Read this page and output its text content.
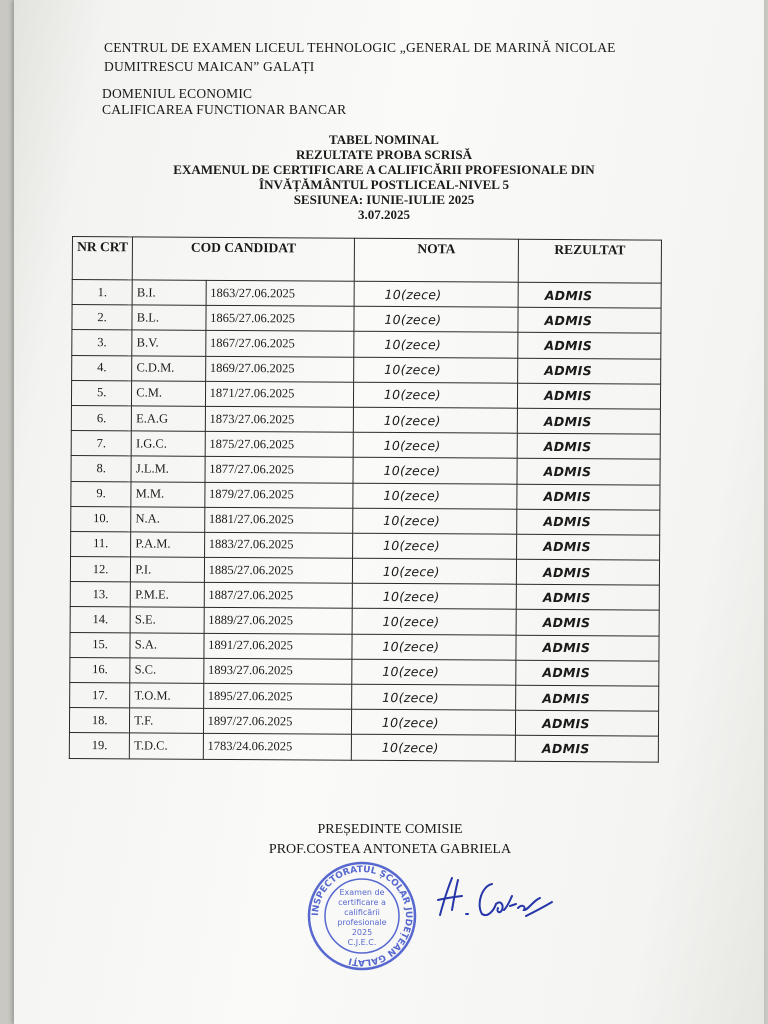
CENTRUL DE EXAMEN LICEUL TEHNOLOGIC „GENERAL DE MARINĂ NICOLAE
DUMITRESCU MAICAN” GALAȚI
DOMENIUL ECONOMIC
CALIFICAREA FUNCTIONAR BANCAR
TABEL NOMINAL
REZULTATE PROBA SCRISĂ
EXAMENUL DE CERTIFICARE A CALIFICĂRII PROFESIONALE DIN
ÎNVĂȚĂMÂNTUL POSTLICEAL-NIVEL 5
SESIUNEA: IUNIE-IULIE 2025
3.07.2025
NR CRT	COD CANDIDAT		NOTA	REZULTAT
1.	B.I.	1863/27.06.2025	10(zece)	ADMIS
2.	B.L.	1865/27.06.2025	10(zece)	ADMIS
3.	B.V.	1867/27.06.2025	10(zece)	ADMIS
4.	C.D.M.	1869/27.06.2025	10(zece)	ADMIS
5.	C.M.	1871/27.06.2025	10(zece)	ADMIS
6.	E.A.G	1873/27.06.2025	10(zece)	ADMIS
7.	I.G.C.	1875/27.06.2025	10(zece)	ADMIS
8.	J.L.M.	1877/27.06.2025	10(zece)	ADMIS
9.	M.M.	1879/27.06.2025	10(zece)	ADMIS
10.	N.A.	1881/27.06.2025	10(zece)	ADMIS
11.	P.A.M.	1883/27.06.2025	10(zece)	ADMIS
12.	P.I.	1885/27.06.2025	10(zece)	ADMIS
13.	P.M.E.	1887/27.06.2025	10(zece)	ADMIS
14.	S.E.	1889/27.06.2025	10(zece)	ADMIS
15.	S.A.	1891/27.06.2025	10(zece)	ADMIS
16.	S.C.	1893/27.06.2025	10(zece)	ADMIS
17.	T.O.M.	1895/27.06.2025	10(zece)	ADMIS
18.	T.F.	1897/27.06.2025	10(zece)	ADMIS
19.	T.D.C.	1783/24.06.2025	10(zece)	ADMIS
PREȘEDINTE COMISIE
PROF.COSTEA ANTONETA GABRIELA
INSPECTORATUL ȘCOLAR JUDEȚEAN GALAȚI
Examen de
certificare a
calificării
profesionale
2025
C.J.E.C.
